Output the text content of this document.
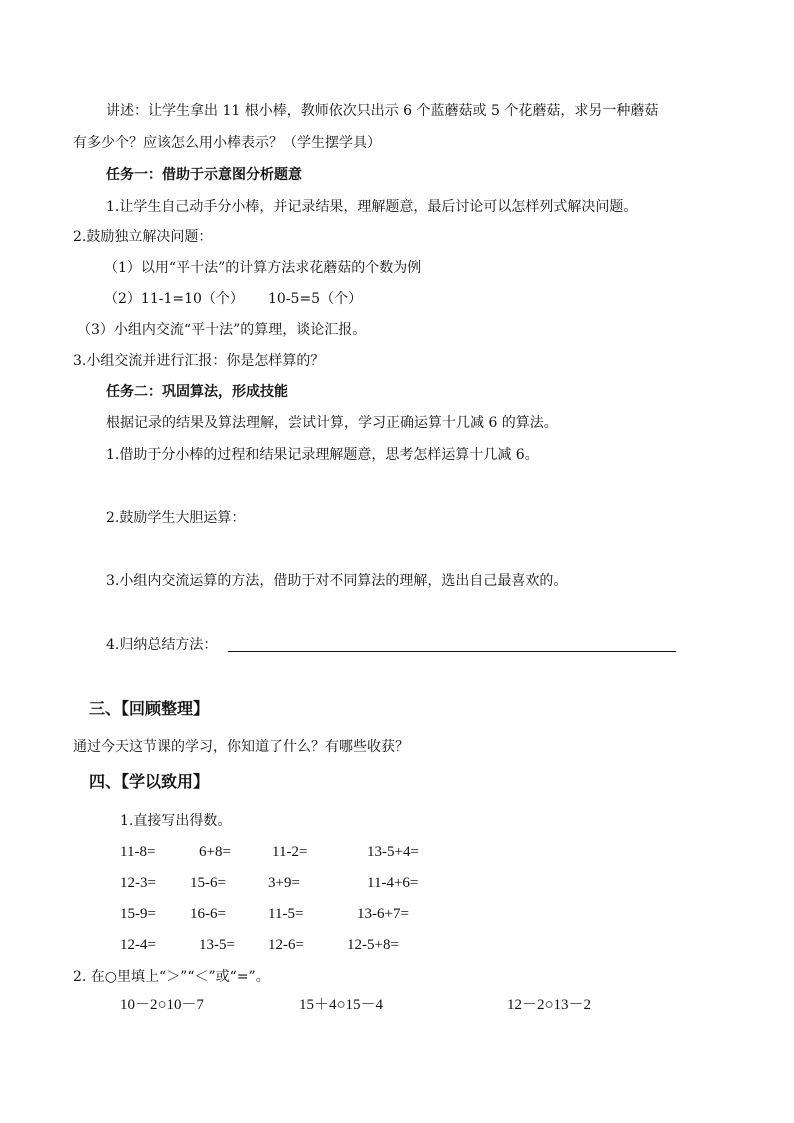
讲述：让学生拿出 11 根小棒，教师依次只出示 6 个蓝蘑菇或 5 个花蘑菇，求另一种蘑菇
有多少个？应该怎么用小棒表示？（学生摆学具）
任务一：借助于示意图分析题意
1.让学生自己动手分小棒，并记录结果，理解题意，最后讨论可以怎样列式解决问题。
2.鼓励独立解决问题：
（1）以用“平十法”的计算方法求花蘑菇的个数为例
（2）11-1=10（个） 10-5=5（个）
（3）小组内交流“平十法”的算理，谈论汇报。
3.小组交流并进行汇报：你是怎样算的？
任务二：巩固算法，形成技能
根据记录的结果及算法理解，尝试计算，学习正确运算十几减 6 的算法。
1.借助于分小棒的过程和结果记录理解题意，思考怎样运算十几减 6。
2.鼓励学生大胆运算：
3.小组内交流运算的方法，借助于对不同算法的理解，选出自己最喜欢的。
4.归纳总结方法：
三、【回顾整理】
通过今天这节课的学习，你知道了什么？有哪些收获？
四、【学以致用】
1.直接写出得数。
11-8=	6+8=	11-2=	13-5+4=
12-3= 15-6=	3+9=	11-4+6=
15-9= 16-6=	11-5=	13-6+7=
12-4=	13-5= 12-6=	12-5+8=
2. 在○里填上“＞”“＜”或“=”。
10－2○10－7	15＋4○15－4	12－2○13－2
